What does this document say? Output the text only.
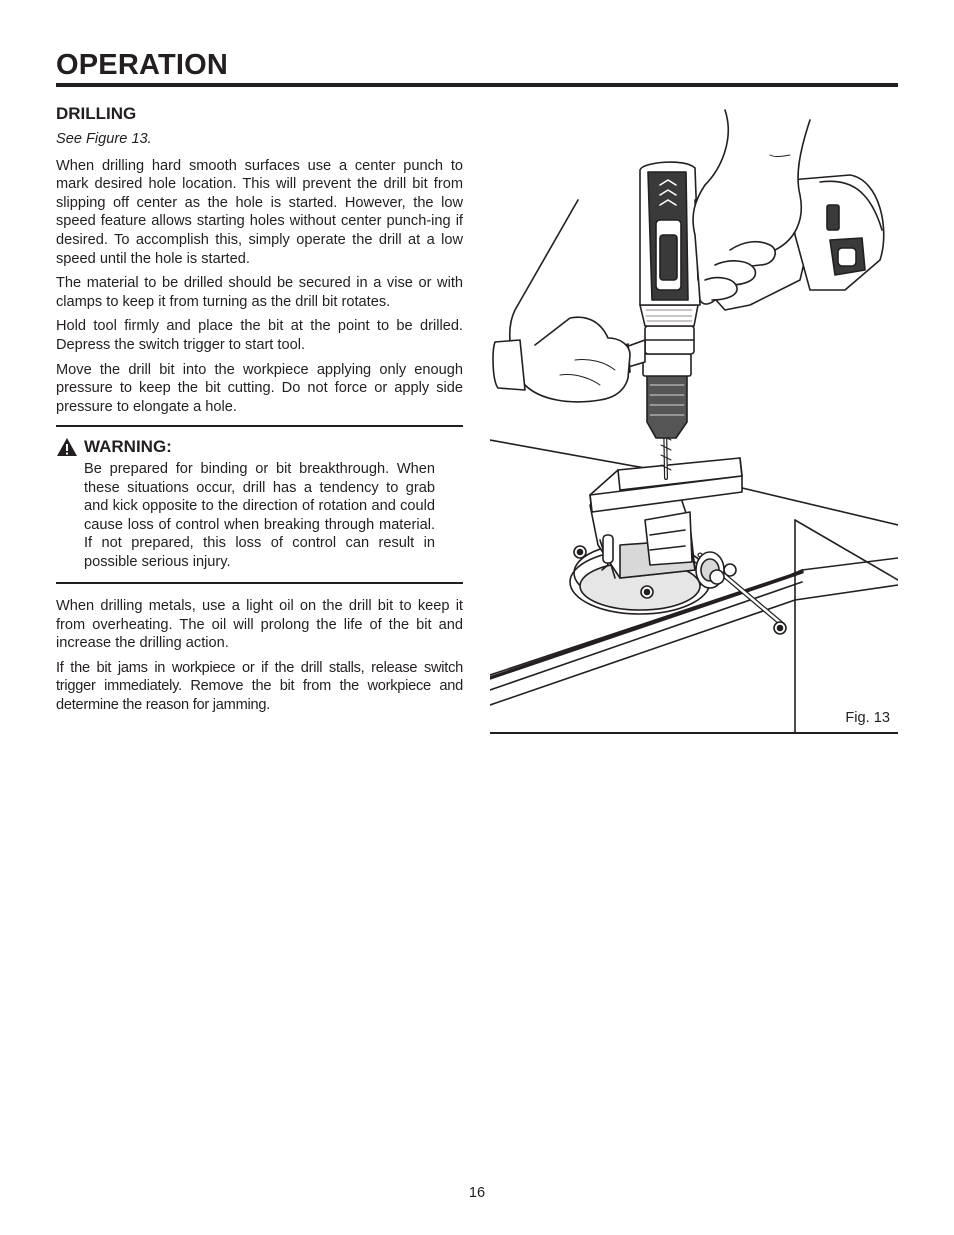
OPERATION
DRILLING

See Figure 13.

When drilling hard smooth surfaces use a center punch to mark desired hole location. This will prevent the drill bit from slipping off center as the hole is started. However, the low speed feature allows starting holes without center punch-ing if desired. To accomplish this, simply operate the drill at a low speed until the hole is started.

The material to be drilled should be secured in a vise or with clamps to keep it from turning as the drill bit rotates.

Hold tool firmly and place the bit at the point to be drilled. Depress the switch trigger to start tool.

Move the drill bit into the workpiece applying only enough pressure to keep the bit cutting. Do not force or apply side pressure to elongate a hole.

WARNING:

Be prepared for binding or bit breakthrough. When these situations occur, drill has a tendency to grab and kick opposite to the direction of rotation and could cause loss of control when breaking through material. If not prepared, this loss of control can result in possible serious injury.

When drilling metals, use a light oil on the drill bit to keep it from overheating. The oil will prolong the life of the bit and increase the drilling action.

If the bit jams in workpiece or if the drill stalls, release switch trigger immediately. Remove the bit from the workpiece and determine the reason for jamming.

Fig. 13
16
